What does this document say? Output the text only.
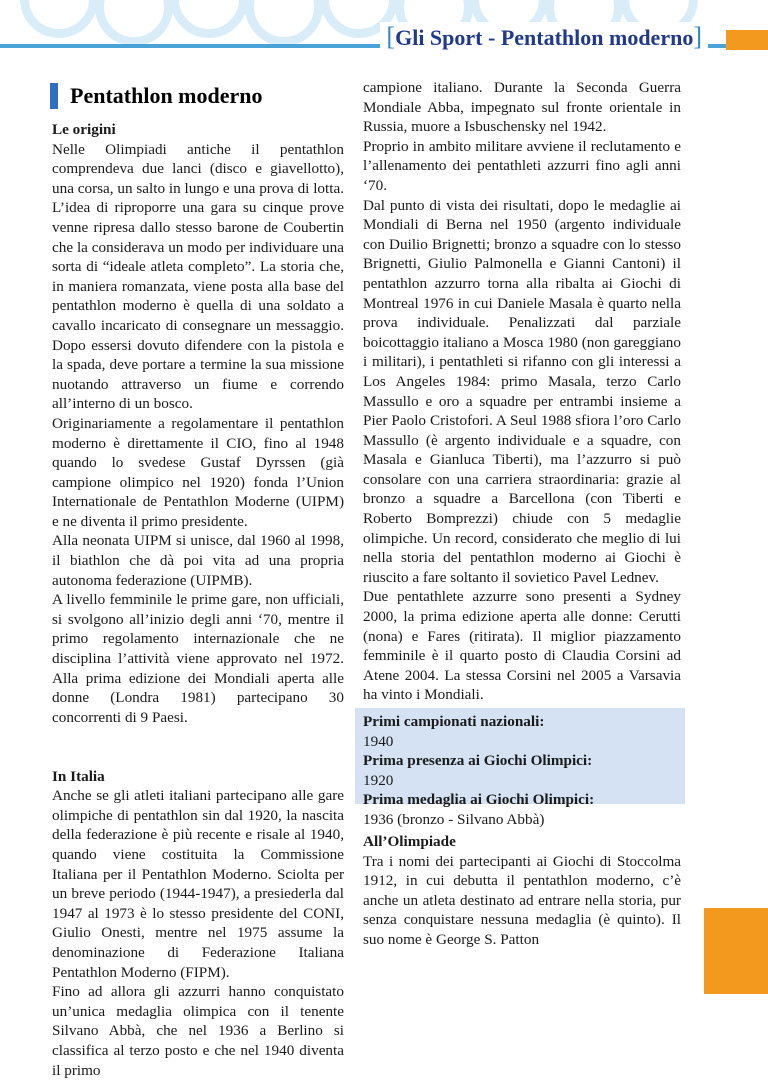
[Gli Sport - Pentathlon moderno]
Pentathlon moderno
Le origini

Nelle Olimpiadi antiche il pentathlon comprendeva due lanci (disco e giavellotto), una corsa, un salto in lungo e una prova di lotta. L’idea di riproporre una gara su cinque prove venne ripresa dallo stesso barone de Coubertin che la considerava un modo per individuare una sorta di “ideale atleta completo”. La storia che, in maniera romanzata, viene posta alla base del pentathlon moderno è quella di una soldato a cavallo incaricato di consegnare un messaggio. Dopo essersi dovuto difendere con la pistola e la spada, deve portare a termine la sua missione nuotando attraverso un fiume e correndo all’interno di un bosco.

Originariamente a regolamentare il pentathlon moderno è direttamente il CIO, fino al 1948 quando lo svedese Gustaf Dyrssen (già campione olimpico nel 1920) fonda l’Union Internationale de Pentathlon Moderne (UIPM) e ne diventa il primo presidente.

Alla neonata UIPM si unisce, dal 1960 al 1998, il biathlon che dà poi vita ad una propria autonoma federazione (UIPMB).

A livello femminile le prime gare, non ufficiali, si svolgono all’inizio degli anni ‘70, mentre il primo regolamento internazionale che ne disciplina l’attività viene approvato nel 1972. Alla prima edizione dei Mondiali aperta alle donne (Londra 1981) partecipano 30 concorrenti di 9 Paesi.

In Italia

Anche se gli atleti italiani partecipano alle gare olimpiche di pentathlon sin dal 1920, la nascita della federazione è più recente e risale al 1940, quando viene costituita la Commissione Italiana per il Pentathlon Moderno. Sciolta per un breve periodo (1944-1947), a presiederla dal 1947 al 1973 è lo stesso presidente del CONI, Giulio Onesti, mentre nel 1975 assume la denominazione di Federazione Italiana Pentathlon Moderno (FIPM).

Fino ad allora gli azzurri hanno conquistato un’unica medaglia olimpica con il tenente Silvano Abbà, che nel 1936 a Berlino si classifica al terzo posto e che nel 1940 diventa il primo

campione italiano. Durante la Seconda Guerra Mondiale Abba, impegnato sul fronte orientale in Russia, muore a Isbuschensky nel 1942.

Proprio in ambito militare avviene il reclutamento e l’allenamento dei pentathleti azzurri fino agli anni ‘70.

Dal punto di vista dei risultati, dopo le medaglie ai Mondiali di Berna nel 1950 (argento individuale con Duilio Brignetti; bronzo a squadre con lo stesso Brignetti, Giulio Palmonella e Gianni Cantoni) il pentathlon azzurro torna alla ribalta ai Giochi di Montreal 1976 in cui Daniele Masala è quarto nella prova individuale. Penalizzati dal parziale boicottaggio italiano a Mosca 1980 (non gareggiano i militari), i pentathleti si rifanno con gli interessi a Los Angeles 1984: primo Masala, terzo Carlo Massullo e oro a squadre per entrambi insieme a Pier Paolo Cristofori. A Seul 1988 sfiora l’oro Carlo Massullo (è argento individuale e a squadre, con Masala e Gianluca Tiberti), ma l’azzurro si può consolare con una carriera straordinaria: grazie al bronzo a squadre a Barcellona (con Tiberti e Roberto Bomprezzi) chiude con 5 medaglie olimpiche. Un record, considerato che meglio di lui nella storia del pentathlon moderno ai Giochi è riuscito a fare soltanto il sovietico Pavel Lednev.

Due pentathlete azzurre sono presenti a Sydney 2000, la prima edizione aperta alle donne: Cerutti (nona) e Fares (ritirata). Il miglior piazzamento femminile è il quarto posto di Claudia Corsini ad Atene 2004. La stessa Corsini nel 2005 a Varsavia ha vinto i Mondiali.

Primi campionati nazionali:
1940
Prima presenza ai Giochi Olimpici:
1920
Prima medaglia ai Giochi Olimpici:
1936 (bronzo - Silvano Abbà)
All’Olimpiade

Tra i nomi dei partecipanti ai Giochi di Stoccolma 1912, in cui debutta il pentathlon moderno, c’è anche un atleta destinato ad entrare nella storia, pur senza conquistare nessuna medaglia (è quinto). Il suo nome è George S. Patton
